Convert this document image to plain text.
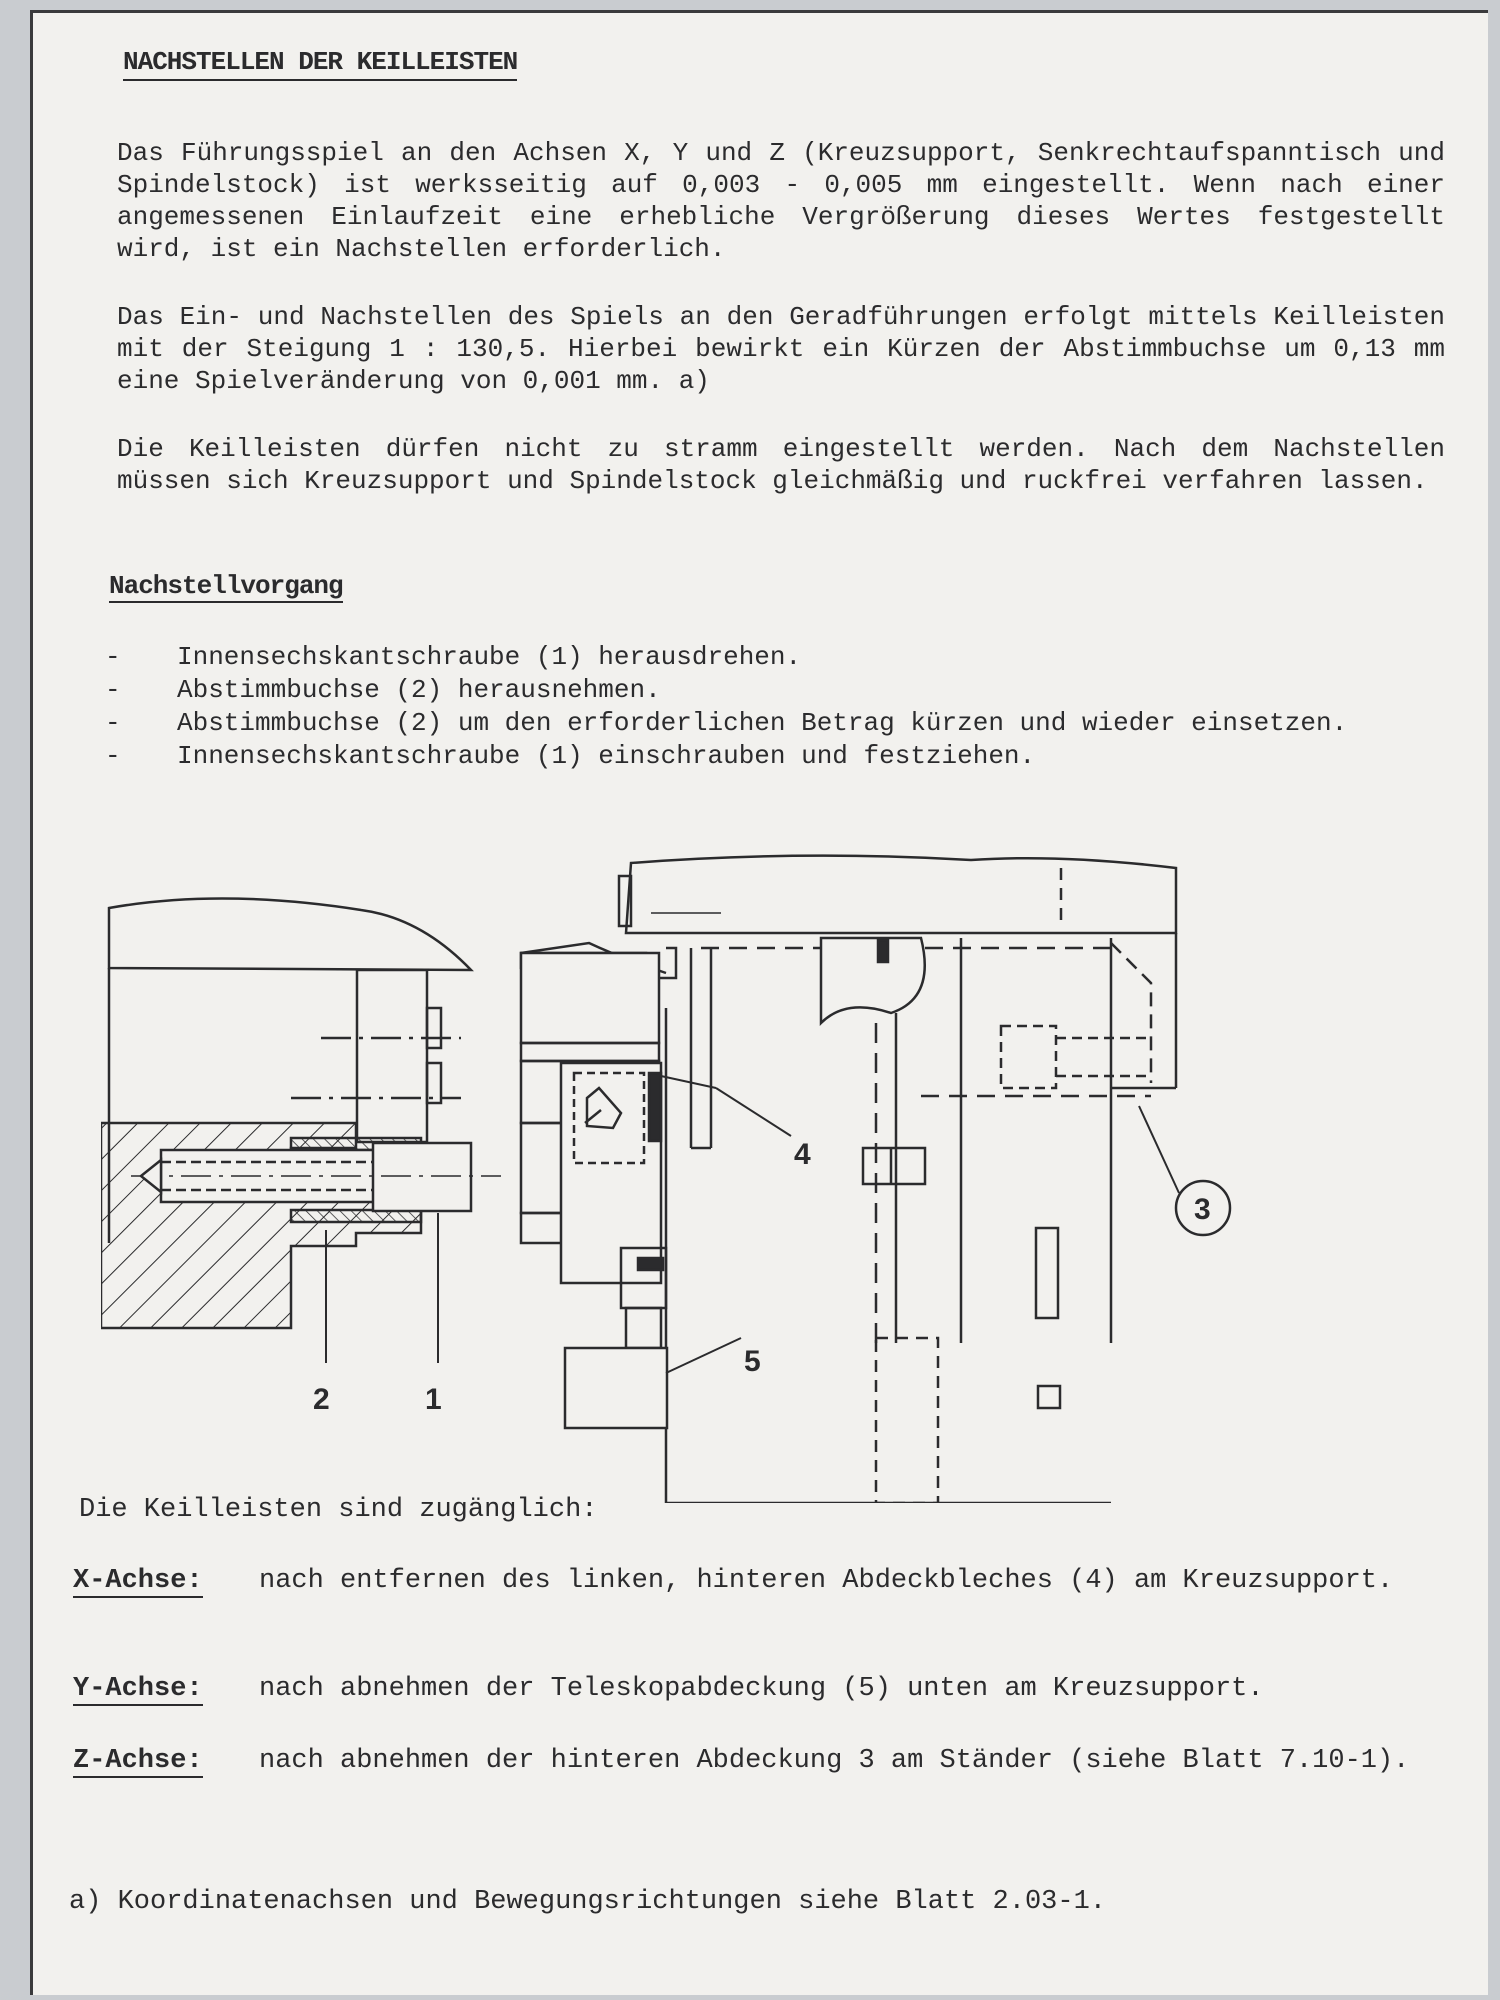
NACHSTELLEN DER KEILLEISTEN

Das Führungsspiel an den Achsen X, Y und Z (Kreuzsupport, Senkrechtaufspanntisch und Spindelstock) ist werksseitig auf 0,003 - 0,005 mm eingestellt. Wenn nach einer angemessenen Einlaufzeit eine erhebliche Vergrößerung dieses Wertes festgestellt wird, ist ein Nachstellen erforderlich.

Das Ein- und Nachstellen des Spiels an den Geradführungen erfolgt mittels Keilleisten mit der Steigung 1 : 130,5. Hierbei bewirkt ein Kürzen der Abstimmbuchse um 0,13 mm eine Spielveränderung von 0,001 mm. a)

Die Keilleisten dürfen nicht zu stramm eingestellt werden. Nach dem Nachstellen müssen sich Kreuzsupport und Spindelstock gleichmäßig und ruckfrei verfahren lassen.

Nachstellvorgang
-	Innensechskantschraube (1) herausdrehen.
-	Abstimmbuchse (2) herausnehmen.
-	Abstimmbuchse (2) um den erforderlichen Betrag kürzen und wieder einsetzen.
-	Innensechskantschraube (1) einschrauben und festziehen.
2	1
4
5
3
Die Keilleisten sind zugänglich:
X-Achse:	nach entfernen des linken, hinteren Abdeckbleches (4) am Kreuzsupport.
Y-Achse:	nach abnehmen der Teleskopabdeckung (5) unten am Kreuzsupport.
Z-Achse:	nach abnehmen der hinteren Abdeckung 3 am Ständer (siehe Blatt 7.10-1).
a) Koordinatenachsen und Bewegungsrichtungen siehe Blatt 2.03-1.
